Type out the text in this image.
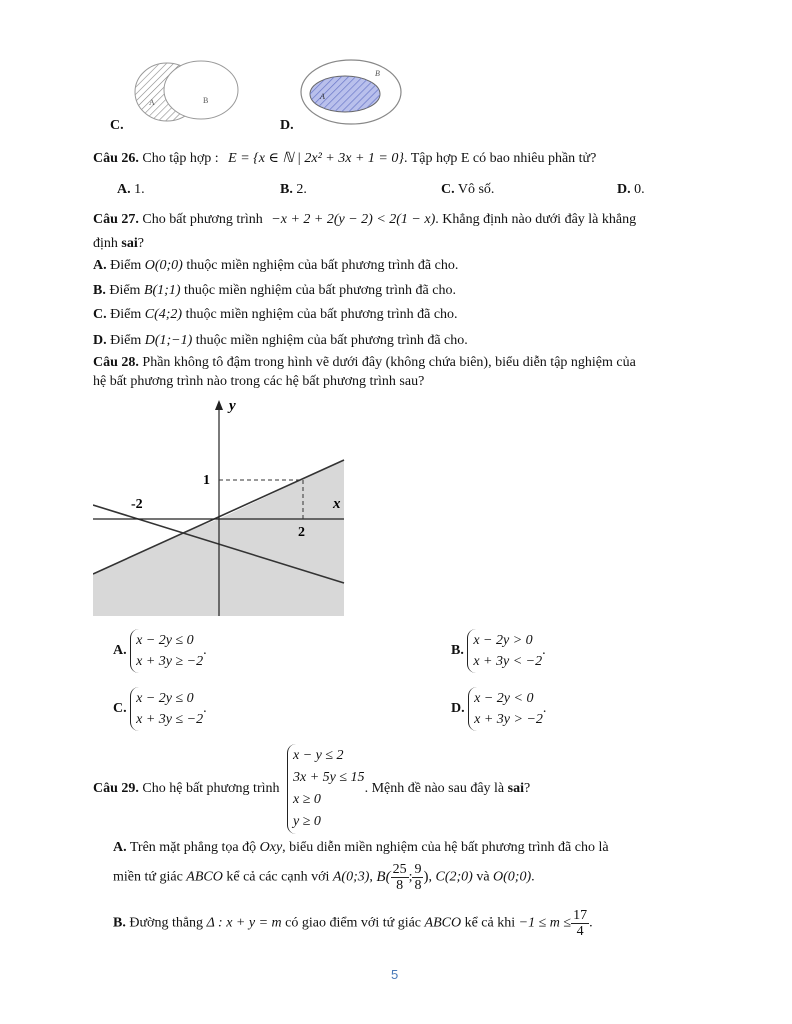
A	B
C.
A
B
D.
Câu 26. Cho tập hợp : E = {x ∈ ℕ | 2x² + 3x + 1 = 0}. Tập hợp E có bao nhiêu phần tử?
A. 1.	B. 2.	C. Vô số.	D. 0.
Câu 27. Cho bất phương trình −x + 2 + 2(y − 2) < 2(1 − x). Khẳng định nào dưới đây là khẳng
định sai?
A. Điểm O(0;0) thuộc miền nghiệm của bất phương trình đã cho.
B. Điểm B(1;1) thuộc miền nghiệm của bất phương trình đã cho.
C. Điểm C(4;2) thuộc miền nghiệm của bất phương trình đã cho.
D. Điểm D(1;−1) thuộc miền nghiệm của bất phương trình đã cho.
Câu 28. Phần không tô đậm trong hình vẽ dưới đây (không chứa biên), biểu diễn tập nghiệm của
hệ bất phương trình nào trong các hệ bất phương trình sau?
y
x
-2
1
2
A.
x − 2y ≤ 0
x + 3y ≥ −2
.	B.
x − 2y > 0
x + 3y < −2
.
C.
x − 2y ≤ 0
x + 3y ≤ −2
.	D.
x − 2y < 0
x + 3y > −2
.
Câu 29. Cho hệ bất phương trình
x − y ≤ 2
3x + 5y ≤ 15
x ≥ 0
y ≥ 0
. Mệnh đề nào sau đây là sai?
A. Trên mặt phẳng tọa độ Oxy, biểu diễn miền nghiệm của hệ bất phương trình đã cho là
miền tứ giác ABCO kể cả các cạnh với A(0;3), $B( \frac{25}{8}$ ; $\frac{9}{8}$ ), C(2;0) và O(0;0).
B. Đường thẳng Δ : x + y = m có giao điểm với tứ giác ABCO kể cả khi $-1 \le m \le \frac{17}{4}$ .
5
